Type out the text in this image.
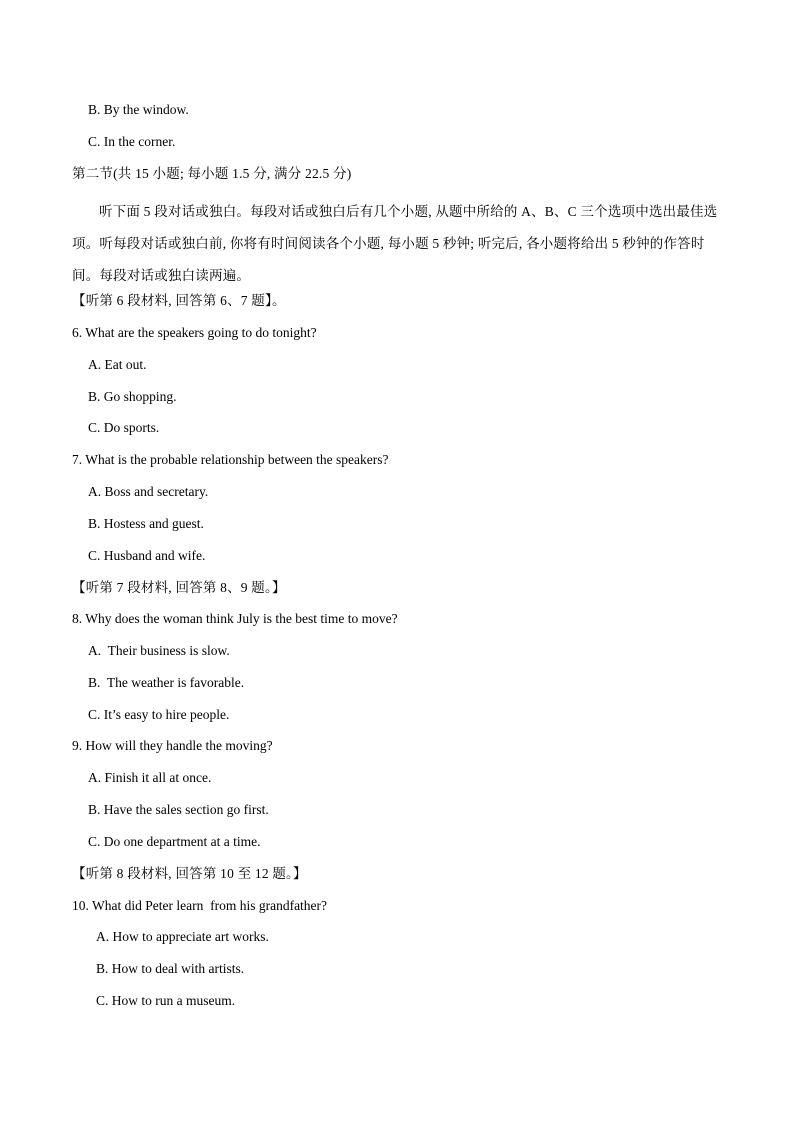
B. By the window.
C. In the corner.
第二节(共 15 小题; 每小题 1.5 分, 满分 22.5 分)
听下面 5 段对话或独白。每段对话或独白后有几个小题, 从题中所给的 A、B、C 三个选项中选出最佳选项。听每段对话或独白前, 你将有时间阅读各个小题, 每小题 5 秒钟; 听完后, 各小题将给出 5 秒钟的作答时间。每段对话或独白读两遍。
【听第 6 段材料, 回答第 6、7 题】。
6. What are the speakers going to do tonight?
A. Eat out.
B. Go shopping.
C. Do sports.
7. What is the probable relationship between the speakers?
A. Boss and secretary.
B. Hostess and guest.
C. Husband and wife.
【听第 7 段材料, 回答第 8、9 题。】
8. Why does the woman think July is the best time to move?
A.  Their business is slow.
B.  The weather is favorable.
C. It’s easy to hire people.
9. How will they handle the moving?
A. Finish it all at once.
B. Have the sales section go first.
C. Do one department at a time.
【听第 8 段材料, 回答第 10 至 12 题。】
10. What did Peter learn  from his grandfather?
A. How to appreciate art works.
B. How to deal with artists.
C. How to run a museum.
